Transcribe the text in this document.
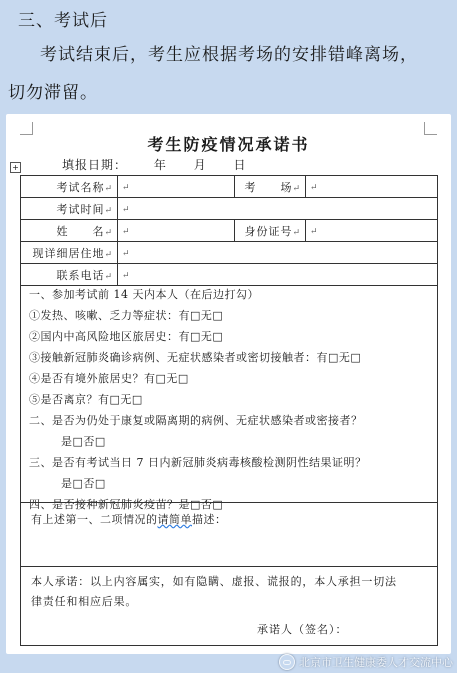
三、考试后
考试结束后，考生应根据考场的安排错峰离场，
切勿滞留。
考生防疫情况承诺书
+	填报日期： 年 月 日
考试名称↵	↵	考　　场↵	↵
考试时间↵	↵		
姓　　名↵	↵	身份证号↵	↵
现详细居住地↵	↵		
联系电话↵	↵		
一、参加考试前 14 天内本人（在后边打勾）
①发热、咳嗽、乏力等症状：有□无□
②国内中高风险地区旅居史：有□无□
③接触新冠肺炎确诊病例、无症状感染者或密切接触者：有□无□
④是否有境外旅居史？有□无□
⑤是否离京？有□无□
二、是否为仍处于康复或隔离期的病例、无症状感染者或密接者？
是□否□
三、是否有考试当日 7 日内新冠肺炎病毒核酸检测阴性结果证明？
是□否□
四、是否接种新冠肺炎疫苗？是□否□
有上述第一、二项情况的请简单描述：
本人承诺：以上内容属实，如有隐瞒、虚报、谎报的，本人承担一切法
律责任和相应后果。
承诺人（签名）：
北京市卫生健康委人才交流中心
